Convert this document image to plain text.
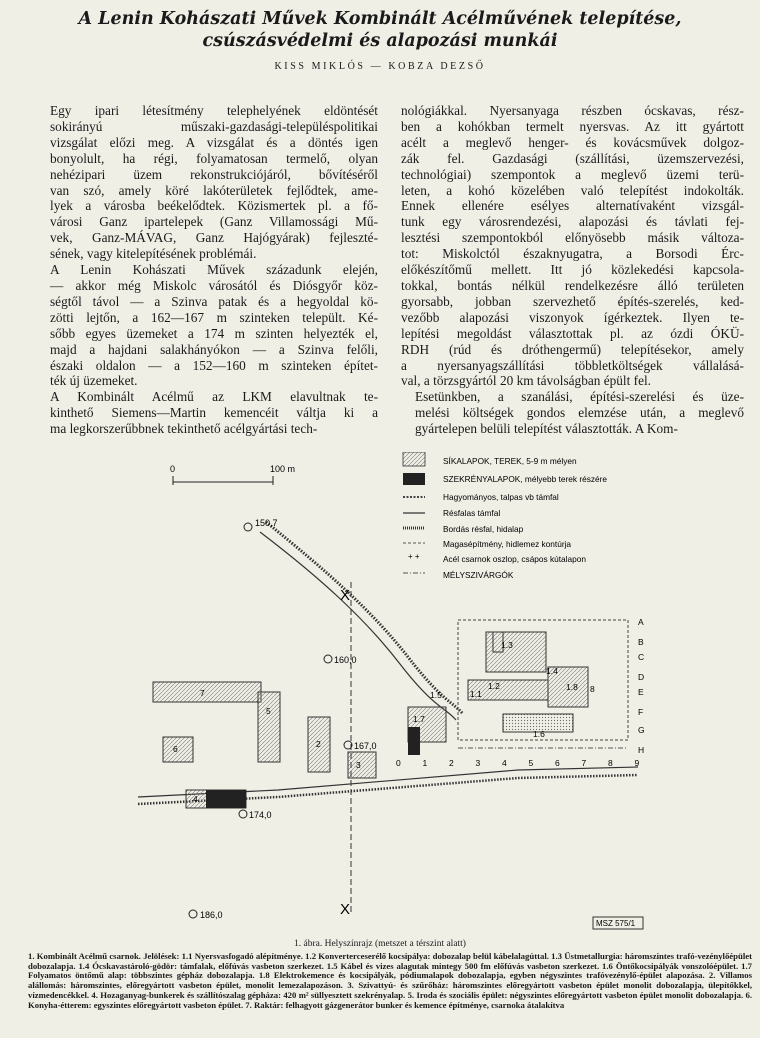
A Lenin Kohászati Művek Kombinált Acélművének telepítése,
csúszásvédelmi és alapozási munkái
KISS MIKLÓS — KOBZA DEZSŐ

Egy ipari létesítmény telephelyének eldöntését
sokirányú műszaki-gazdasági-településpolitikai
vizsgálat előzi meg. A vizsgálat és a döntés igen
bonyolult, ha régi, folyamatosan termelő, olyan
nehézipari üzem rekonstrukciójáról, bővítéséről
van szó, amely köré lakóterületek fejlődtek, ame-
lyek a városba beékelődtek. Közismertek pl. a fő-
városi Ganz ipartelepek (Ganz Villamossági Mű-
vek, Ganz-MÁVAG, Ganz Hajógyárak) fejleszté-
sének, vagy kitelepítésének problémái.

A Lenin Kohászati Művek századunk elején,
— akkor még Miskolc városától és Diósgyőr köz-
ségtől távol — a Szinva patak és a hegyoldal kö-
zötti lejtőn, a 162—167 m szinteken települt. Ké-
sőbb egyes üzemeket a 174 m szinten helyezték el,
majd a hajdani salakhányókon — a Szinva felőli,
északi oldalon — a 152—160 m szinteken építet-
ték új üzemeket.

A Kombinált Acélmű az LKM elavultnak te-
kinthető Siemens—Martin kemencéit váltja ki a
ma legkorszerűbbnek tekinthető acélgyártási tech-

nológiákkal. Nyersanyaga részben ócskavas, rész-
ben a kohókban termelt nyersvas. Az itt gyártott
acélt a meglevő henger- és kovácsművek dolgoz-
zák fel. Gazdasági (szállítási, üzemszervezési,
technológiai) szempontok a meglevő üzemi terü-
leten, a kohó közelében való telepítést indokolták.
Ennek ellenére esélyes alternatívaként vizsgál-
tunk egy városrendezési, alapozási és távlati fej-
lesztési szempontokból előnyösebb másik változa-
tot: Miskolctól északnyugatra, a Borsodi Érc-
előkészítőmű mellett. Itt jó közlekedési kapcsola-
tokkal, bontás nélkül rendelkezésre álló területen
gyorsabb, jobban szervezhető építés-szerelés, ked-
vezőbb alapozási viszonyok ígérkeztek. Ilyen te-
lepítési megoldást választottak pl. az ózdi ÓKÜ-
RDH (rúd és dróthengermű) telepítésekor, amely
a nyersanyagszállítási többletköltségek vállalásá-
val, a törzsgyártól 20 km távolságban épült fel.

Esetünkben, a szanálási, építési-szerelési és üze-
melési költségek gondos elemzése után, a meglevő
gyártelepen belüli telepítést választották. A Kom-

0	100 m
+ +
SÍKALAPOK, TEREK, 5-9 m mélyen
SZEKRÉNYALAPOK, mélyebb terek részére
Hagyományos, talpas vb támfal
Résfalas támfal
Bordás résfal, hidalap
Magasépítmény, hidlemez kontúrja
Acél csarnok oszlop, csápos kútalapon
MÉLYSZIVÁRGÓK
X
X
150,7
160,0
167,0
174,0
186,0
1.4
1.5
1.2
1.6
1.7
1.8
1.3
1.1
2
3
4
5
6
7	8
A
B
C
D
E
F
G
H
0	1	2	3	4	5	6	7	8	9
MSZ 575/1
1. ábra. Helyszínrajz (metszet a térszint alatt)
1. Kombinált Acélmű csarnok. Jelölések: 1.1 Nyersvasfogadó alépítménye. 1.2 Konverterceserélő kocsipálya: dobozalap belül kábelalagúttal. 1.3 Üstmetallurgia: háromszintes trafó-vezénylőépület dobozalapja. 1.4 Ócskavastároló-gödör: támfalak, előfúvás vasbeton szerkezet. 1.5 Kábel és vizes alagutak mintegy 500 fm előfúvás vasbeton szerkezet. 1.6 Öntőkocsipályák vonszolóépület. 1.7 Folyamatos öntőmű alap: többszintes gépház dobozalapja. 1.8 Elektrokemence és kocsipályák, pódiumalapok dobozalapja, egyben négyszintes trafóvezénylő-épület alapozása. 2. Villamos alállomás: háromszintes, előregyártott vasbeton épület, monolit lemezalapozáson. 3. Szivattyú- és szűrőház: háromszintes előregyártott vasbeton épület monolit dobozalapja, ülepítőkkel, vízmedencékkel. 4. Hozaganyag-bunkerek és szállítószalag gépháza: 420 m² süllyesztett szekrényalap. 5. Iroda és szociális épület: négyszintes előregyártott vasbeton épület monolit dobozalapja. 6. Konyha-étterem: egyszintes előregyártott vasbeton épület. 7. Raktár: felhagyott gázgenerátor bunker és kemence építménye, csarnoka átalakítva
